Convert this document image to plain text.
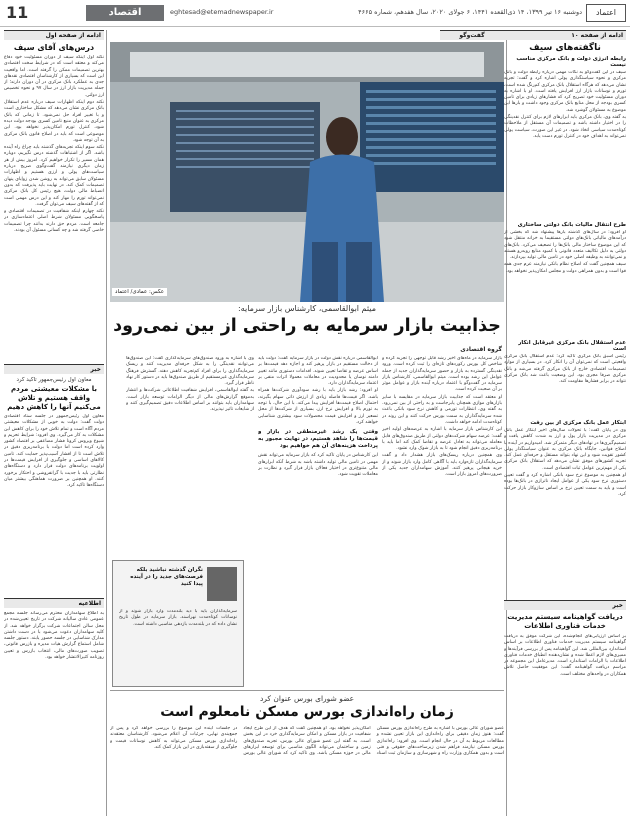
اعتماد
دوشنبه ۱۶ تیر ۱۳۹۹، ۱۴ ذی‌القعده ۱۴۴۱، ۶ جولای ۲۰۲۰، سال هفدهم، شماره ۴۶۶۵
eghtesad@etemadnewspaper.ir
اقتصاد
11
ادامه از صفحه ۱۰
ناگفته‌های سیف
رابطه انرژی دولت و بانک مرکزی مناسب نیست

سیف در این گفت‌وگو به نکات مهمی درباره رابطه دولت و بانک مرکزی و نحوه سیاستگذاری پولی اشاره کرد و گفت: تجربه نشان می‌دهد که هرگاه استقلال بانک مرکزی کم‌رنگ شده است، تورم و نوسانات بازار ارز افزایش یافته است. او با اشاره به دوران مسئولیت خود تصریح کرد که فشارهای زیادی برای تامین کسری بودجه از محل منابع بانک مرکزی وجود داشت و بارها این موضوع به مسئولان گوشزد شد.

به گفته وی، بانک مرکزی باید ابزارهای لازم برای کنترل نقدینگی را در اختیار داشته باشد و تصمیمات آن مستقل از ملاحظات کوتاه‌مدت سیاسی اتخاذ شود. در غیر این صورت، سیاست پولی نمی‌تواند به اهداف خود در کنترل تورم دست یابد.

طرح انتقال مالیات بانک دولتی ساختاری

او افزود: در سال‌های گذشته بارها پیشنهاد شد که بخشی از درآمدهای مالیاتی بانک‌های دولتی مستقیما به خزانه منتقل شود که این موضوع ساختار مالی بانک‌ها را تضعیف می‌کرد. بانک‌های دولتی به دلیل تکالیف متعدد قانونی با کمبود منابع روبه‌رو هستند و نمی‌توانند به وظیفه اصلی خود در تامین مالی تولید بپردازند.

سیف همچنین گفت که اصلاح نظام بانکی نیازمند عزم جدی همه قوا است و بدون همراهی دولت و مجلس امکان‌پذیر نخواهد بود.

عدم استقلال بانک مرکزی غیرقابل انکار است

رئیس اسبق بانک مرکزی تاکید کرد: عدم استقلال بانک مرکزی واقعیتی است که نمی‌توان آن را انکار کرد. در بسیاری از موارد تصمیمات اقتصادی خارج از بانک مرکزی گرفته می‌شد و بانک مرکزی صرفا مجری بود. این وضعیت باعث شد بانک مرکزی نتواند در برابر فشارها مقاومت کند.

ابتکار عمل بانک مرکزی از بین رفت

وی در پایان گفت: با تحولات سال‌های اخیر ابتکار عمل بانک مرکزی در مدیریت بازار پول و ارز به شدت کاهش یافت و تصمیم‌گیری‌ها در نهادهای دیگر متمرکز شد. امیدواریم در آینده با اصلاح قوانین، جایگاه بانک مرکزی به عنوان سیاستگذار پولی کشور تقویت شود و این نهاد بتواند مستقل و حرفه‌ای عمل کند. تجربه کشورهای موفق نشان می‌دهد که استقلال بانک مرکزی یکی از مهم‌ترین عوامل ثبات اقتصادی است.

او همچنین به موضوع نرخ سود بانکی اشاره کرد و گفت تعیین دستوری نرخ سود یکی از عوامل ایجاد ناترازی در بانک‌ها بوده است و باید به سمت تعیین نرخ بر اساس سازوکار بازار حرکت کرد.

خبر
دریافت گواهینامه سیستم مدیریت خدمات فناوری اطلاعات

بر اساس ارزیابی‌های انجام‌شده، این شرکت موفق به دریافت گواهینامه سیستم مدیریت خدمات فناوری اطلاعات بر اساس استاندارد بین‌المللی شد. این گواهینامه پس از بررسی فرآیندها و ممیزی‌های لازم اعطا شده و نشان‌دهنده انطباق خدمات فناوری اطلاعات با الزامات استاندارد است. مدیرعامل این مجموعه در مراسم دریافت گواهینامه گفت: این موفقیت حاصل تلاش همکاران در واحدهای مختلف است.

ادامه از صفحه اول
درس‌های آقای سیف

نکته اول اینکه سیف از دوران مسئولیت خود دفاع می‌کند و معتقد است که در شرایط سخت اقتصادی بهترین تصمیمات ممکن را گرفته است. اما واقعیت این است که بسیاری از کارشناسان اقتصادی نقدهای جدی به عملکرد بانک مرکزی در آن دوران دارند؛ از جمله مدیریت بازار ارز در سال ۹۷ و نحوه تخصیص ارز دولتی.

نکته دوم اینکه اظهارات سیف درباره عدم استقلال بانک مرکزی نشان می‌دهد که مشکل ساختاری است و با تغییر افراد حل نمی‌شود. تا زمانی که بانک مرکزی به عنوان منبع تامین کسری بودجه دولت دیده شود، کنترل تورم امکان‌پذیر نخواهد بود. این موضوعی است که باید در اصلاح قانون بانک مرکزی به آن توجه شود.

نکته سوم اینکه تجربه‌های گذشته باید چراغ راه آینده باشد. اگر از اشتباهات گذشته درس نگیریم، دوباره همان مسیر را تکرار خواهیم کرد. امروز بیش از هر زمان دیگری نیازمند گفت‌وگوی صریح درباره سیاست‌های پولی و ارزی هستیم و اظهارات مسئولان سابق می‌تواند به روشن شدن زوایای پنهان تصمیمات کمک کند. در نهایت باید پذیرفت که بدون انضباط مالی دولت، هیچ رئیس کل بانک مرکزی نمی‌تواند تورم را مهار کند و این درس مهمی است که از گفته‌های سیف می‌توان گرفت.

نکته چهارم اینکه شفافیت در تصمیمات اقتصادی و پاسخگویی مسئولان شرط اصلی اعتمادسازی در جامعه است. مردم حق دارند بدانند چرا تصمیمات خاصی گرفته شد و چه کسانی مسئول آن بودند.

خبر
معاون اول رئیس‌جمهور تاکید کرد
با مشکلات معیشتی مردم واقف هستیم و تلاش می‌کنیم آنها را کاهش دهیم

معاون اول رئیس‌جمهور در جلسه ستاد اقتصادی دولت گفت: دولت به خوبی از مشکلات معیشتی مردم آگاه است و تمام تلاش خود را برای کاهش این مشکلات به کار می‌گیرد. وی افزود: شرایط تحریم و شیوع ویروس کرونا فشار مضاعفی بر اقتصاد کشور وارد کرده است اما دولت با برنامه‌ریزی دقیق در تلاش است تا از اقشار آسیب‌پذیر حمایت کند. تامین کالاهای اساسی و جلوگیری از افزایش قیمت‌ها در اولویت برنامه‌های دولت قرار دارد و دستگاه‌های نظارتی باید با جدیت با گرانفروشی و احتکار برخورد کنند. او همچنین بر ضرورت هماهنگی بیشتر میان دستگاه‌ها تاکید کرد.

اطلاعیه

به اطلاع سهامداران محترم می‌رساند جلسه مجمع عمومی عادی سالیانه شرکت در تاریخ تعیین‌شده در محل سالن اجتماعات شرکت برگزار خواهد شد. از کلیه سهامداران دعوت می‌شود با در دست داشتن مدارک شناسایی در جلسه حضور یابند. دستور جلسه شامل استماع گزارش هیات مدیره و بازرس قانونی، تصویب صورت‌های مالی، انتخاب بازرس و تعیین روزنامه کثیرالانتشار خواهد بود.

گفت‌وگو
عکس: عمادی/ اعتماد
میثم ابوالقاسمی، کارشناس بازار سرمایه:
جذابیت بازار سرمایه به راحتی از بین نمی‌رود
گروه اقتصادی

بازار سرمایه در ماه‌های اخیر رشد قابل توجهی را تجربه کرده و شاخص کل بورس رکوردهای تازه‌ای را ثبت کرده است. ورود نقدینگی گسترده به بازار و حضور سرمایه‌گذاران جدید از جمله عوامل این رشد بوده است. میثم ابوالقاسمی، کارشناس بازار سرمایه در گفت‌وگو با اعتماد درباره آینده بازار و عوامل موثر بر آن صحبت کرده است.

او معتقد است که جذابیت بازار سرمایه در مقایسه با سایر بازارهای موازی همچنان پابرجاست و به راحتی از بین نمی‌رود. به گفته وی، انتظارات تورمی و کاهش نرخ سود بانکی باعث شده سرمایه‌گذاران به سمت بورس حرکت کنند و این روند در کوتاه‌مدت ادامه خواهد داشت.

این کارشناس بازار سرمایه با اشاره به عرضه‌های اولیه اخیر گفت: عرضه سهام شرکت‌های دولتی از طریق صندوق‌های قابل معامله می‌تواند به تعادل عرضه و تقاضا کمک کند اما باید با برنامه‌ریزی دقیق انجام شود تا به بازار شوک وارد نشود.

وی همچنین درباره ریسک‌های بازار هشدار داد و گفت سرمایه‌گذاران تازه‌وارد باید با آگاهی کامل وارد بازار شوند و از خرید هیجانی پرهیز کنند. آموزش سهامداران جدید یکی از ضرورت‌های امروز بازار است.

ابوالقاسمی درباره نقش دولت در بازار سرمایه گفت: دولت باید از دخالت مستقیم در بازار پرهیز کند و اجازه دهد قیمت‌ها بر اساس عرضه و تقاضا تعیین شوند. اقدامات دستوری مانند تغییر دامنه نوسان یا محدودیت در معاملات معمولا اثرات منفی بر اعتماد سرمایه‌گذاران دارد.

او افزود: رشد بازار باید با رشد سودآوری شرکت‌ها همراه باشد. اگر قیمت‌ها فاصله زیادی از ارزش ذاتی سهام بگیرند، احتمال اصلاح قیمت‌ها افزایش پیدا می‌کند. با این حال، با توجه به تورم بالا و افزایش نرخ ارز، بسیاری از شرکت‌ها از محل تسعیر ارز و افزایش قیمت محصولات سود بیشتری شناسایی خواهند کرد.

وقتی یک رشد غیرمنطقی در بازار و قیمت‌ها را شاهد هستیم، در نهایت مجبور به پرداخت هزینه‌های آن هم خواهیم بود

این کارشناس در پایان تاکید کرد که بازار سرمایه می‌تواند نقش مهمی در تامین مالی تولید داشته باشد به شرط آنکه ابزارهای مالی متنوع‌تری در اختیار فعالان بازار قرار گیرد و نظارت بر معاملات تقویت شود.

وی با اشاره به ورود صندوق‌های سرمایه‌گذاری گفت: این صندوق‌ها می‌توانند نقدینگی را به شکل حرفه‌ای مدیریت کنند و ریسک سرمایه‌گذاری را برای افراد کم‌تجربه کاهش دهند. گسترش فرهنگ سرمایه‌گذاری غیرمستقیم از طریق صندوق‌ها باید در دستور کار نهاد ناظر قرار گیرد.

به گفته ابوالقاسمی، افزایش شفافیت اطلاعاتی شرکت‌ها و انتشار به‌موقع گزارش‌های مالی از دیگر الزامات توسعه بازار است. سهامداران باید بتوانند بر اساس اطلاعات دقیق تصمیم‌گیری کنند و از شایعات تاثیر نپذیرند.

نگران گذشته نباشید بلکه فرصت‌های جدید را در آینده پیدا کنید

سرمایه‌گذاران باید با دید بلندمدت وارد بازار شوند و از نوسانات کوتاه‌مدت نهراسند. بازار سرمایه در طول تاریخ نشان داده که در بلندمدت بازدهی مناسبی داشته است.

عضو شورای بورس عنوان کرد
زمان راه‌اندازی بورس مسکن نامعلوم است

عضو شورای عالی بورس با اشاره به طرح راه‌اندازی بورس مسکن گفت: هنوز زمان دقیقی برای راه‌اندازی این بازار تعیین نشده و مطالعات مربوط به آن در حال انجام است. وی افزود: راه‌اندازی بورس مسکن نیازمند فراهم شدن زیرساخت‌های حقوقی و فنی است و بدون همکاری وزارت راه و شهرسازی و سازمان ثبت اسناد امکان‌پذیر نخواهد بود. او همچنین گفت که هدف از این طرح ایجاد شفافیت در بازار مسکن و امکان سرمایه‌گذاری خرد در این بخش است. به گفته این عضو شورای عالی بورس، تجربه صندوق‌های زمین و ساختمان می‌تواند الگوی مناسبی برای توسعه ابزارهای مالی در حوزه مسکن باشد. وی تاکید کرد که شورای عالی بورس در جلسات آینده این موضوع را بررسی خواهد کرد و پس از جمع‌بندی نهایی، جزئیات آن اعلام می‌شود. کارشناسان معتقدند راه‌اندازی بورس مسکن می‌تواند به کاهش نوسانات قیمت و جلوگیری از سفته‌بازی در این بازار کمک کند.
